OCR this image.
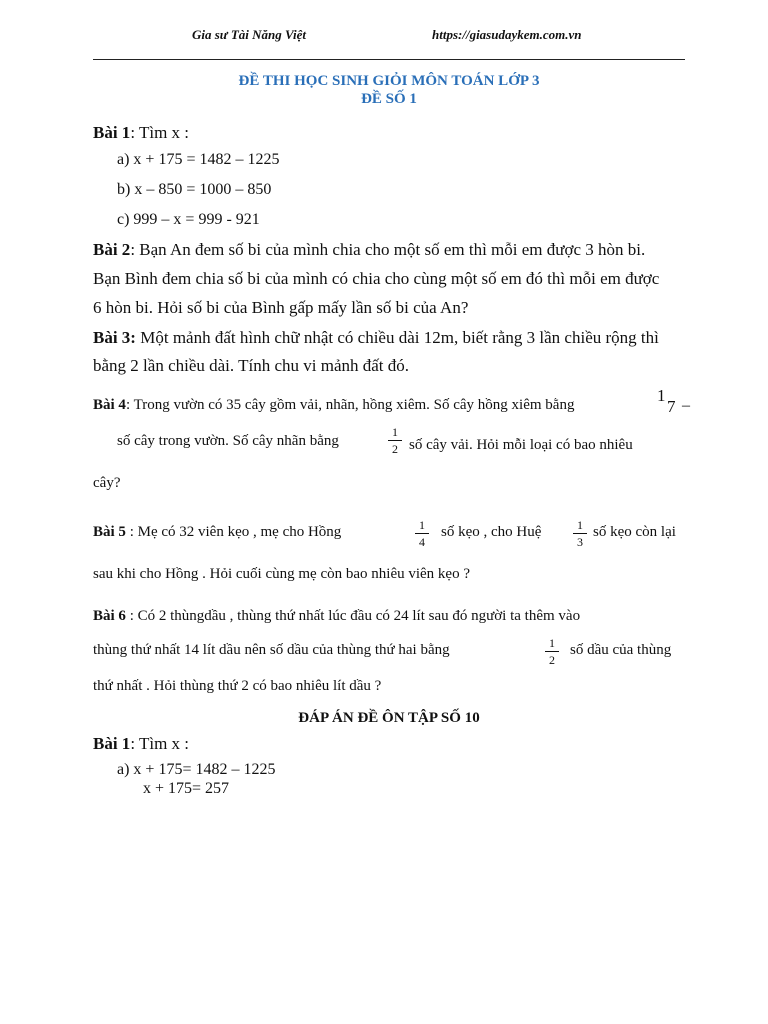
Gia sư Tài Năng Việt	https://giasudaykem.com.vn
ĐỀ THI HỌC SINH GIỎI MÔN TOÁN LỚP 3
ĐỀ SỐ 1
Bài 1: Tìm x :
a) x + 175 = 1482 – 1225
b) x – 850 = 1000 – 850
c) 999 – x = 999 - 921
Bài 2: Bạn An đem số bi của mình chia cho một số em thì mỗi em được 3 hòn bi.
Bạn Bình đem chia số bi của mình có chia cho cùng một số em đó thì mỗi em được
6 hòn bi. Hỏi số bi của Bình gấp mấy lần số bi của An?
Bài 3: Một mảnh đất hình chữ nhật có chiều dài 12m, biết rằng 3 lần chiều rộng thì
bằng 2 lần chiều dài. Tính chu vi mảnh đất đó.
Bài 4: Trong vườn có 35 cây gồm vải, nhãn, hồng xiêm. Số cây hồng xiêm bằng	1
7 –
số cây trong vườn. Số cây nhãn bằng
1
2 số cây vải. Hỏi mỗi loại có bao nhiêu
cây?
Bài 5 : Mẹ có 32 viên kẹo , mẹ cho Hồng	1
4
số kẹo , cho Huệ	1
3
số kẹo còn lại
sau khi cho Hồng . Hỏi cuối cùng mẹ còn bao nhiêu viên kẹo ?
Bài 6 : Có 2 thùngdầu , thùng thứ nhất lúc đầu có 24 lít sau đó người ta thêm vào
thùng thứ nhất 14 lít dầu nên số dầu của thùng thứ hai bằng	1
2
số dầu của thùng
thứ nhất . Hỏi thùng thứ 2 có bao nhiêu lít dầu ?
ĐÁP ÁN ĐỀ ÔN TẬP SỐ 10
Bài 1: Tìm x :
a) x + 175= 1482 – 1225
x + 175= 257
